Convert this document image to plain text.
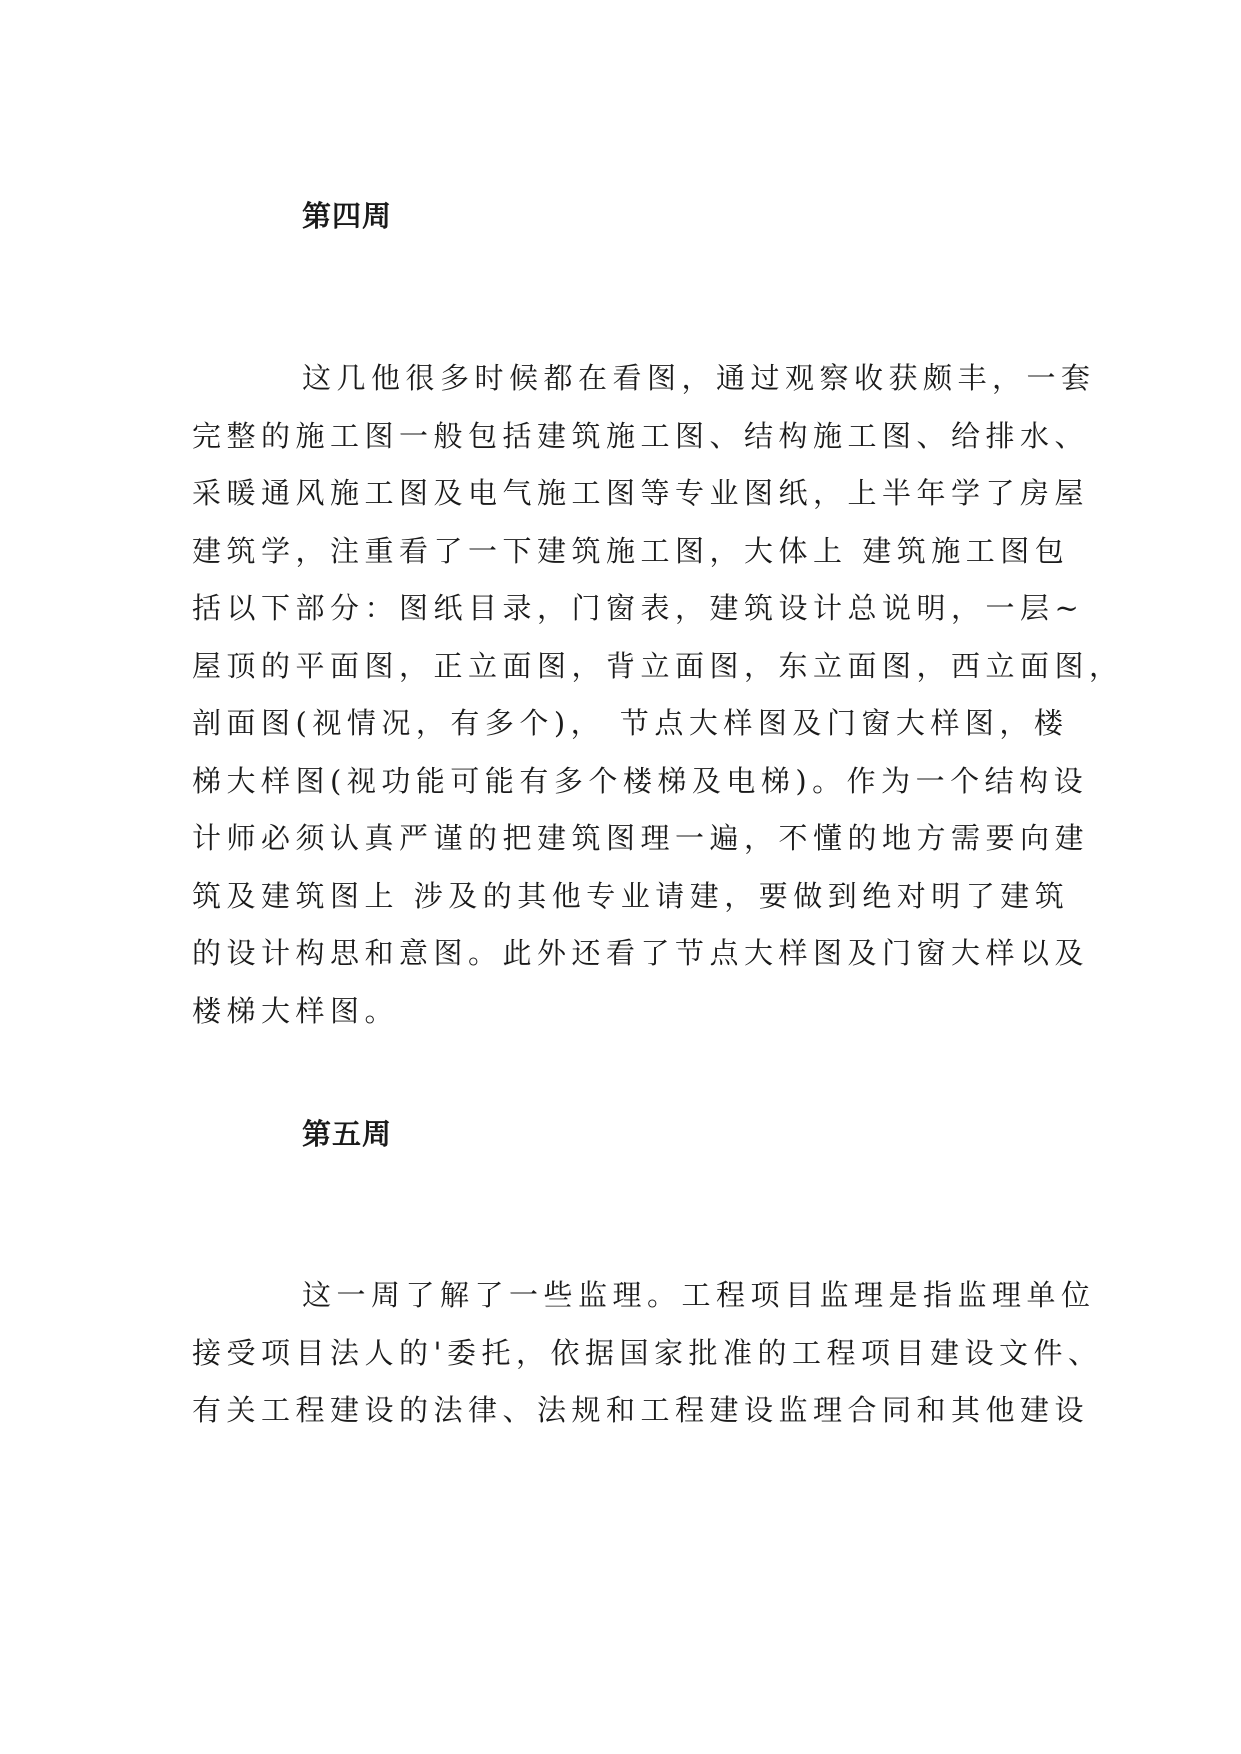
第四周
这几他很多时候都在看图，通过观察收获颇丰，一套
完整的施工图一般包括建筑施工图、结构施工图、给排水、
采暖通风施工图及电气施工图等专业图纸，上半年学了房屋
建筑学，注重看了一下建筑施工图，大体上 建筑施工图包
括以下部分：图纸目录，门窗表，建筑设计总说明，一层~
屋顶的平面图，正立面图，背立面图，东立面图，西立面图，
剖面图(视情况，有多个)， 节点大样图及门窗大样图，楼
梯大样图(视功能可能有多个楼梯及电梯)。作为一个结构设
计师必须认真严谨的把建筑图理一遍，不懂的地方需要向建
筑及建筑图上 涉及的其他专业请建，要做到绝对明了建筑
的设计构思和意图。此外还看了节点大样图及门窗大样以及
楼梯大样图。
第五周
这一周了解了一些监理。工程项目监理是指监理单位
接受项目法人的'委托，依据国家批准的工程项目建设文件、
有关工程建设的法律、法规和工程建设监理合同和其他建设
